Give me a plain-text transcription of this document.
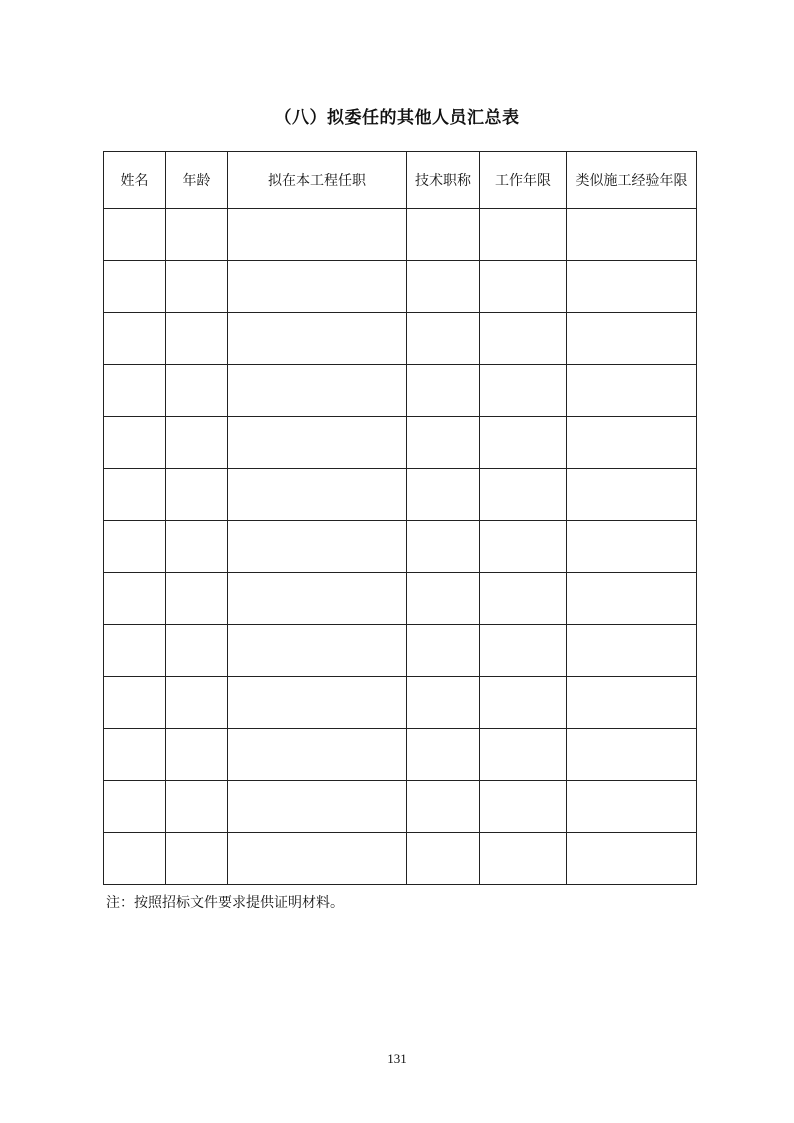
（八）拟委任的其他人员汇总表
姓名	年龄	拟在本工程任职	技术职称	工作年限	类似施工经验年限

注：按照招标文件要求提供证明材料。
131
